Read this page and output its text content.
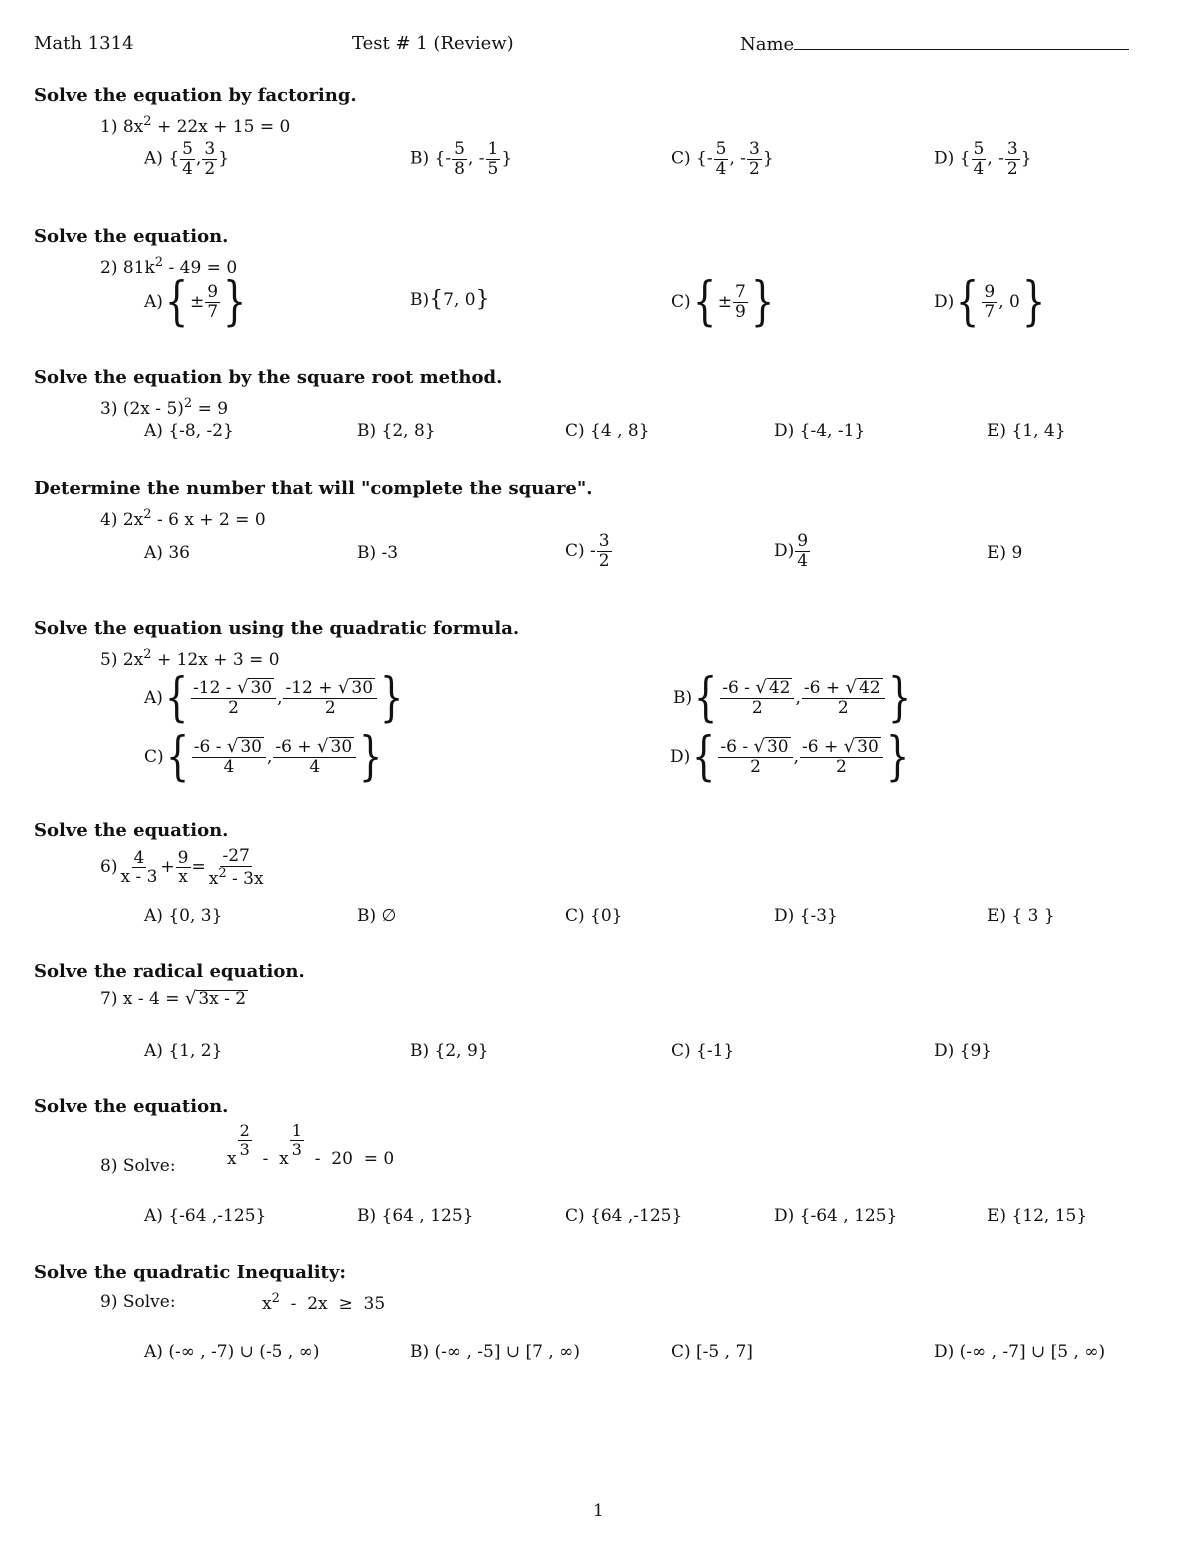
Math 1314	Test # 1 (Review)	Name
Solve the equation by factoring.
1) $8x^2 + 22x + 15 = 0$
A) { $\frac{5}{4}$ , $\frac{3}{2}$ }	B) {- $\frac{5}{8}$ , - $\frac{1}{5}$ }	C) {- $\frac{5}{4}$ , - $\frac{3}{2}$ }	D) { $\frac{5}{4}$ , - $\frac{3}{2}$ }
Solve the equation.
2) $81k^2 - 49 = 0$
A) { ± $\frac{9}{7}$ }	B) { 7, 0 }	C) { ± $\frac{7}{9}$ }	D) { $\frac{9}{7}$ ,
0 }
Solve the equation by the square root method.
3) (2x - 5)$^2$ = 9
A) {-8, -2}	B) {2, 8}	C) {4 , 8}	D) {-4, -1}	E) {1, 4}
Determine the number that will "complete the square".
4) $2x^2 - 6$ x + 2 = 0
A) 36	B) -3	$C) - \frac{3}{2}$	$D) \frac{9}{4}$	E) 9
Solve the equation using the quadratic formula.
5) $2x^2 + 12x + 3 = 0$
A) { $\frac{-12 - √ 30}{2}$ , $\frac{-12 + √ 30}{2}$ }	B) { $\frac{-6 - √ 42}{2}$ , $\frac{-6 + √ 42}{2}$ }
C) { $\frac{-6 - √ 30}{4}$ , $\frac{-6 + √ 30}{4}$ }	D) { $\frac{-6 - √ 30}{2}$ , $\frac{-6 + √ 30}{2}$ }
Solve the equation.
$6) \frac{4}{x - 3} + \frac{9}{x} = \frac{-27}{x^2 - 3x}$
A) {0, 3}	B) ∅	C) {0}	D) {-3}	E) { 3 }
Solve the radical equation.
7) x - 4 = √ 3x - 2
A) {1, 2}	B) {2, 9}	C) {-1}	D) {9}
Solve the equation.
8) Solve:	x
2
3 - x
1
3 -  20  = 0
A) {-64 ,-125}	B) {64 , 125}	C) {64 ,-125}	D) {-64 , 125}	E) {12, 15}
Solve the quadratic Inequality:
9) Solve:	$x^2 - 2x \ge 35$
A) (-∞ , -7) ∪ (-5 , ∞)	B) (-∞ , -5] ∪ [7 , ∞)	C) [-5 , 7]	D) (-∞ , -7] ∪ [5 , ∞)
1
